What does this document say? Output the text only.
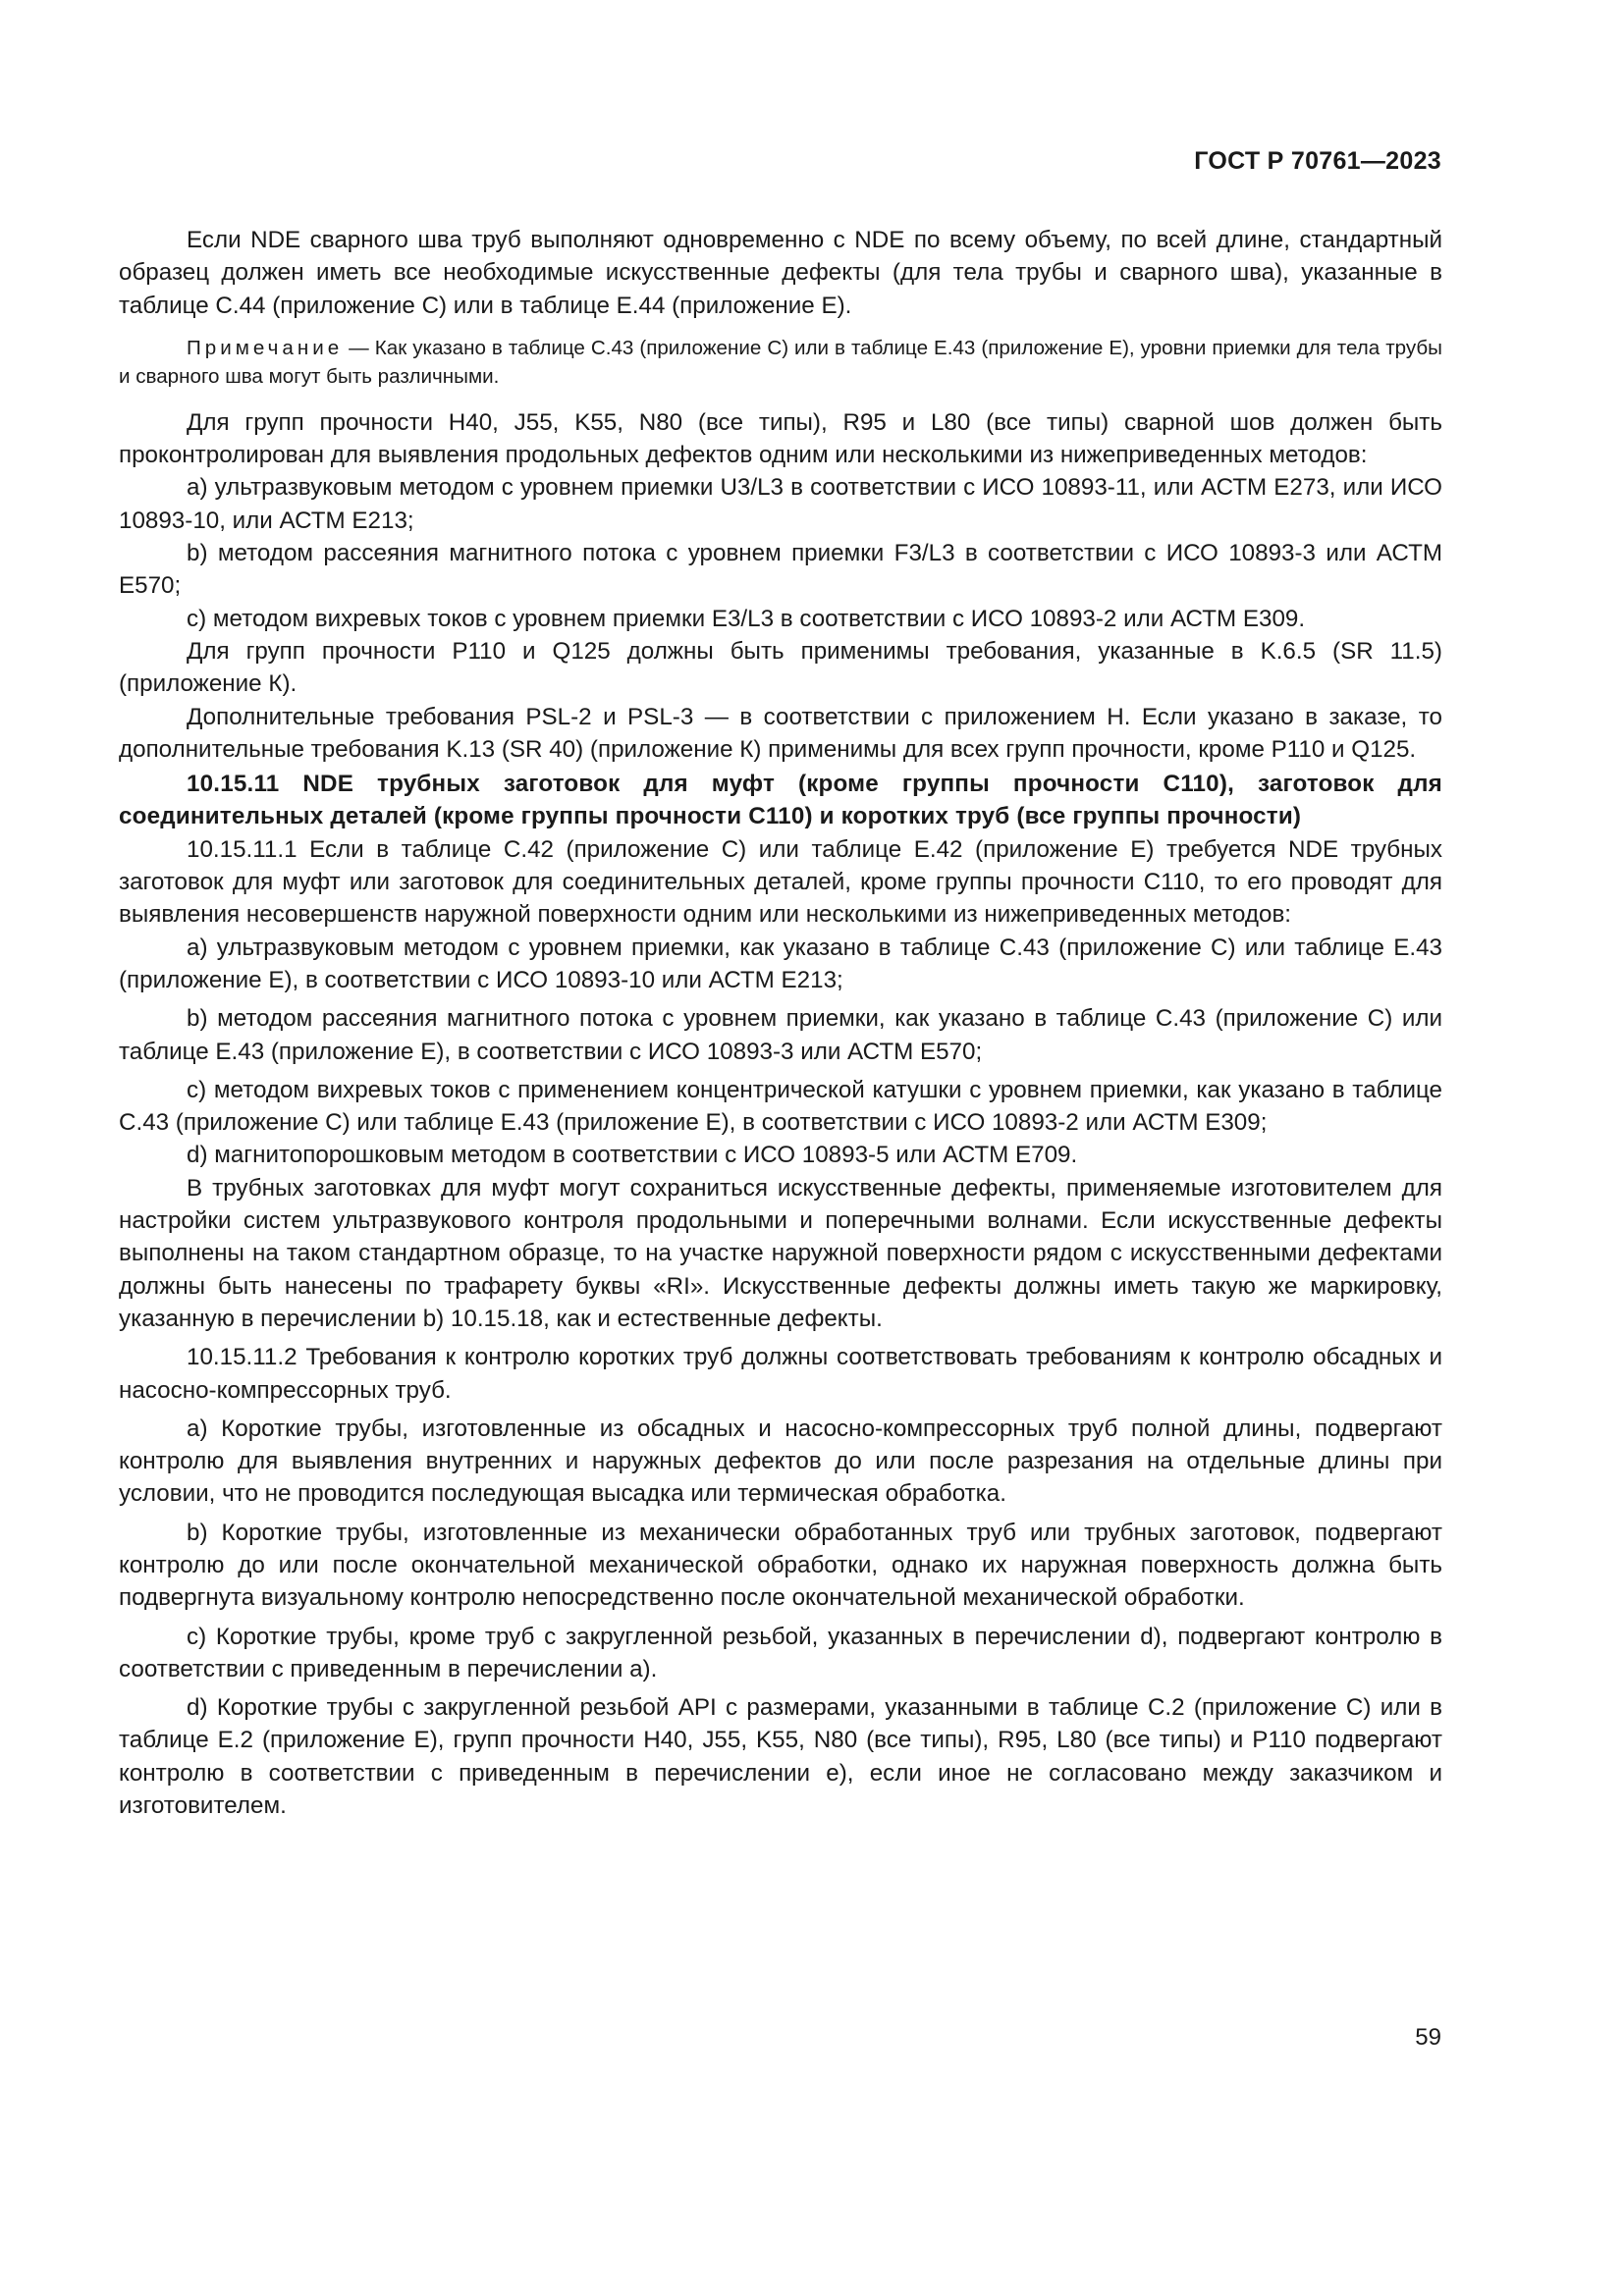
ГОСТ Р 70761—2023

Если NDE сварного шва труб выполняют одновременно с NDE по всему объему, по всей длине, стандартный образец должен иметь все необходимые искусственные дефекты (для тела трубы и сварного шва), указанные в таблице C.44 (приложение С) или в таблице E.44 (приложение Е).

Примечание — Как указано в таблице C.43 (приложение С) или в таблице E.43 (приложение Е), уровни приемки для тела трубы и сварного шва могут быть различными.

Для групп прочности H40, J55, K55, N80 (все типы), R95 и L80 (все типы) сварной шов должен быть проконтролирован для выявления продольных дефектов одним или несколькими из нижеприведенных методов:

a) ультразвуковым методом с уровнем приемки U3/L3 в соответствии с ИСО 10893-11, или АСТМ Е273, или ИСО 10893-10, или АСТМ Е213;

b) методом рассеяния магнитного потока с уровнем приемки F3/L3 в соответствии с ИСО 10893-3 или АСТМ Е570;

c) методом вихревых токов с уровнем приемки E3/L3 в соответствии с ИСО 10893-2 или АСТМ Е309.

Для групп прочности P110 и Q125 должны быть применимы требования, указанные в K.6.5 (SR 11.5) (приложение К).

Дополнительные требования PSL-2 и PSL-3 — в соответствии с приложением Н. Если указано в заказе, то дополнительные требования K.13 (SR 40) (приложение К) применимы для всех групп прочности, кроме P110 и Q125.

10.15.11 NDE трубных заготовок для муфт (кроме группы прочности С110), заготовок для соединительных деталей (кроме группы прочности С110) и коротких труб (все группы прочности)

10.15.11.1 Если в таблице C.42 (приложение С) или таблице E.42 (приложение Е) требуется NDE трубных заготовок для муфт или заготовок для соединительных деталей, кроме группы прочности С110, то его проводят для выявления несовершенств наружной поверхности одним или несколькими из нижеприведенных методов:

a) ультразвуковым методом с уровнем приемки, как указано в таблице C.43 (приложение С) или таблице E.43 (приложение Е), в соответствии с ИСО 10893-10 или АСТМ Е213;

b) методом рассеяния магнитного потока с уровнем приемки, как указано в таблице C.43 (приложение С) или таблице E.43 (приложение Е), в соответствии с ИСО 10893-3 или АСТМ Е570;

c) методом вихревых токов с применением концентрической катушки с уровнем приемки, как указано в таблице C.43 (приложение С) или таблице E.43 (приложение Е), в соответствии с ИСО 10893-2 или АСТМ Е309;

d) магнитопорошковым методом в соответствии с ИСО 10893-5 или АСТМ Е709.

В трубных заготовках для муфт могут сохраниться искусственные дефекты, применяемые изготовителем для настройки систем ультразвукового контроля продольными и поперечными волнами. Если искусственные дефекты выполнены на таком стандартном образце, то на участке наружной поверхности рядом с искусственными дефектами должны быть нанесены по трафарету буквы «RI». Искусственные дефекты должны иметь такую же маркировку, указанную в перечислении b) 10.15.18, как и естественные дефекты.

10.15.11.2 Требования к контролю коротких труб должны соответствовать требованиям к контролю обсадных и насосно-компрессорных труб.

a) Короткие трубы, изготовленные из обсадных и насосно-компрессорных труб полной длины, подвергают контролю для выявления внутренних и наружных дефектов до или после разрезания на отдельные длины при условии, что не проводится последующая высадка или термическая обработка.

b) Короткие трубы, изготовленные из механически обработанных труб или трубных заготовок, подвергают контролю до или после окончательной механической обработки, однако их наружная поверхность должна быть подвергнута визуальному контролю непосредственно после окончательной механической обработки.

c) Короткие трубы, кроме труб с закругленной резьбой, указанных в перечислении d), подвергают контролю в соответствии с приведенным в перечислении а).

d) Короткие трубы с закругленной резьбой API с размерами, указанными в таблице C.2 (приложение С) или в таблице E.2 (приложение Е), групп прочности H40, J55, K55, N80 (все типы), R95, L80 (все типы) и P110 подвергают контролю в соответствии с приведенным в перечислении е), если иное не согласовано между заказчиком и изготовителем.

59
